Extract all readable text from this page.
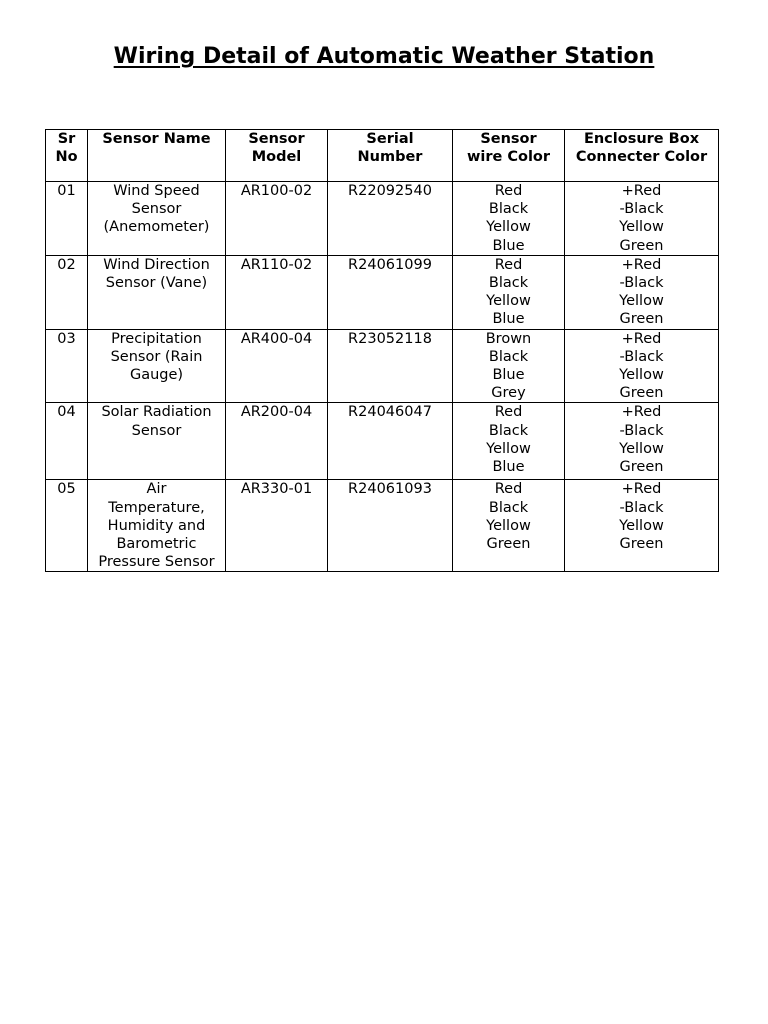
Wiring Detail of Automatic Weather Station
Sr
No	Sensor Name	Sensor
Model	Serial
Number	Sensor
wire Color	Enclosure Box
Connecter Color

01	Wind Speed
Sensor
(Anemometer)	AR100-02	R22092540	Red
Black
Yellow
Blue	+Red
-Black
Yellow
Green

02	Wind Direction
Sensor (Vane)	AR110-02	R24061099	Red
Black
Yellow
Blue	+Red
-Black
Yellow
Green

03	Precipitation
Sensor (Rain
Gauge)	AR400-04	R23052118	Brown
Black
Blue
Grey	+Red
-Black
Yellow
Green

04	Solar Radiation
Sensor	AR200-04	R24046047	Red
Black
Yellow
Blue	+Red
-Black
Yellow
Green

05	Air
Temperature,
Humidity and
Barometric
Pressure Sensor	AR330-01	R24061093	Red
Black
Yellow
Green	+Red
-Black
Yellow
Green
